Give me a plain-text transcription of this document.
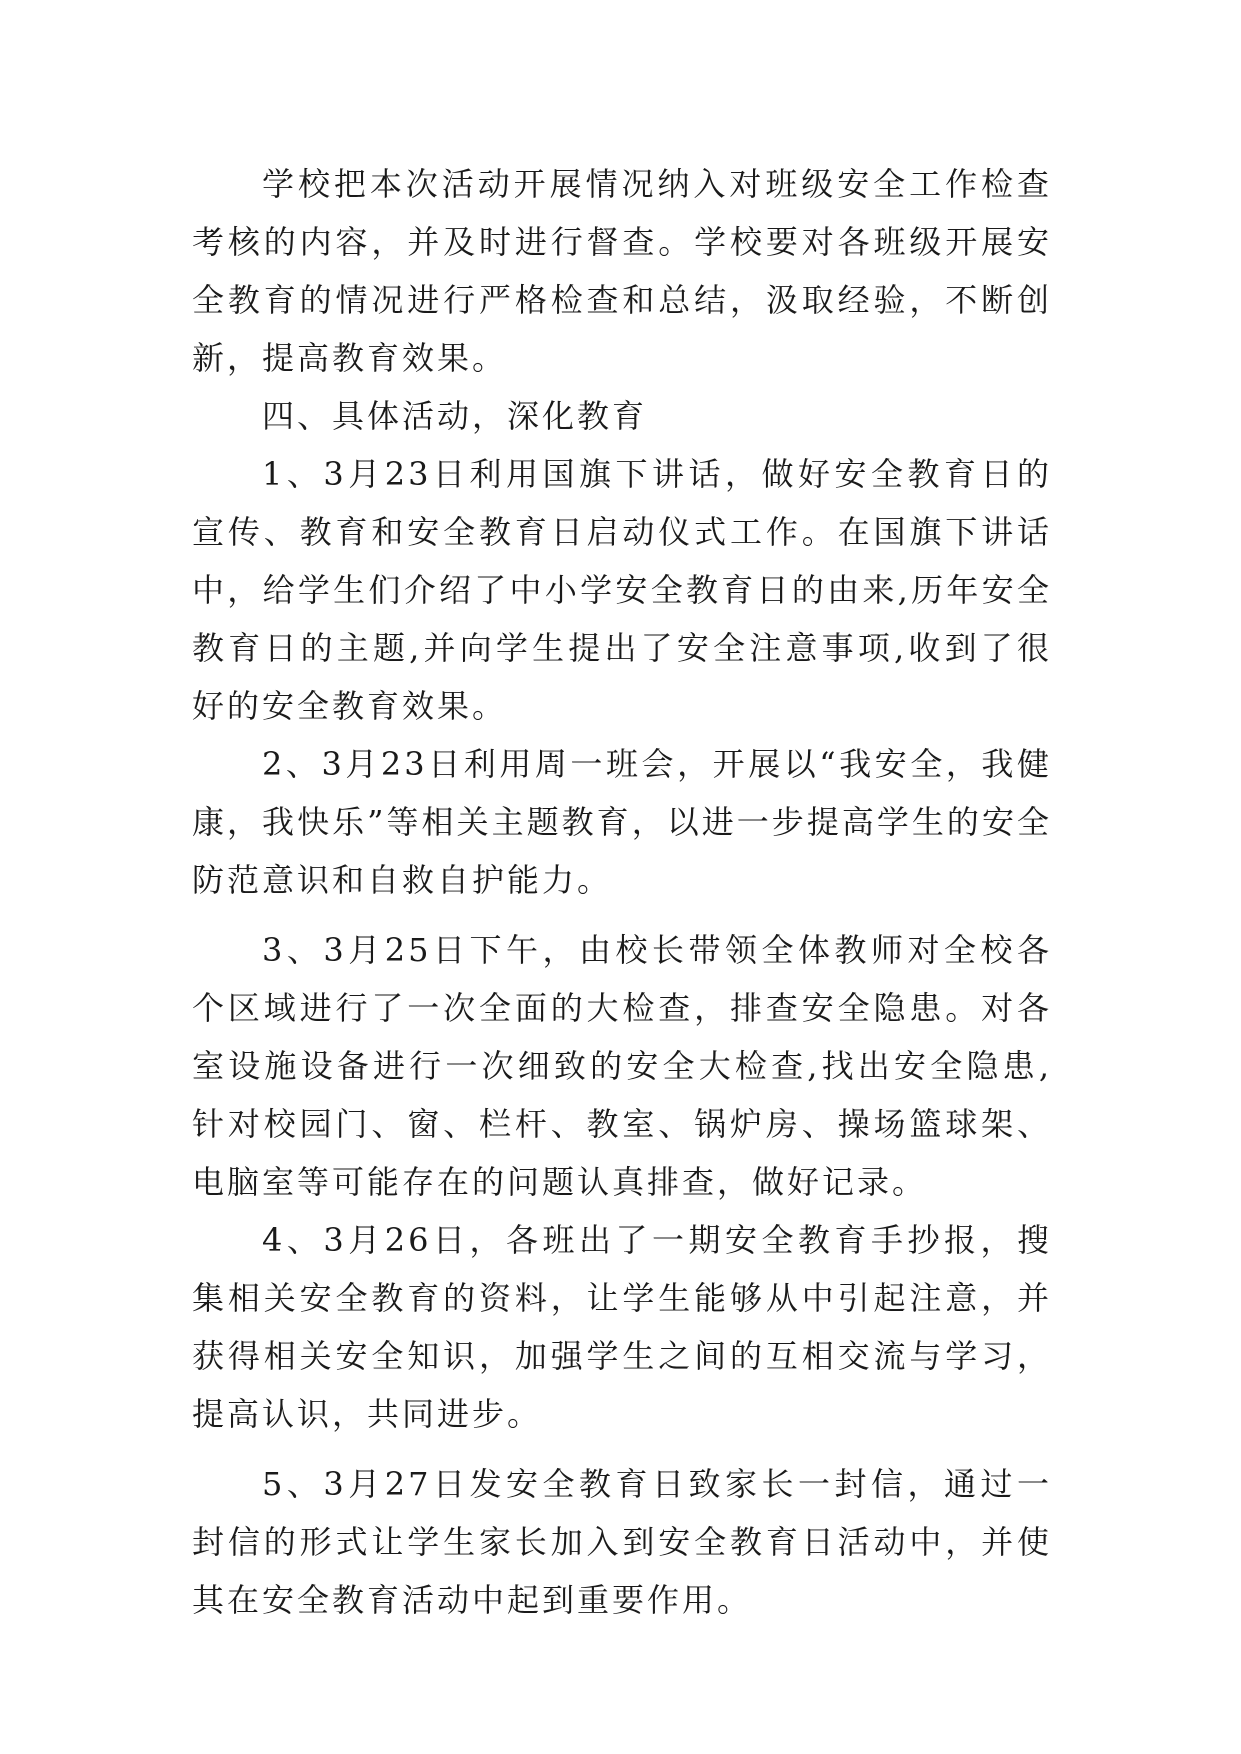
学校把本次活动开展情况纳入对班级安全工作检查考核的内容，并及时进行督查。学校要对各班级开展安全教育的情况进行严格检查和总结，汲取经验，不断创新，提高教育效果。

四、具体活动，深化教育

1、3月23日利用国旗下讲话，做好安全教育日的宣传、教育和安全教育日启动仪式工作。在国旗下讲话中，给学生们介绍了中小学安全教育日的由来,历年安全教育日的主题,并向学生提出了安全注意事项,收到了很好的安全教育效果。

2、3月23日利用周一班会，开展以“我安全，我健康，我快乐”等相关主题教育，以进一步提高学生的安全防范意识和自救自护能力。

3、3月25日下午，由校长带领全体教师对全校各个区域进行了一次全面的大检查，排查安全隐患。对各室设施设备进行一次细致的安全大检查,找出安全隐患,针对校园门、窗、栏杆、教室、锅炉房、操场篮球架、电脑室等可能存在的问题认真排查，做好记录。

4、3月26日，各班出了一期安全教育手抄报，搜集相关安全教育的资料，让学生能够从中引起注意，并获得相关安全知识，加强学生之间的互相交流与学习，提高认识，共同进步。

5、3月27日发安全教育日致家长一封信，通过一封信的形式让学生家长加入到安全教育日活动中，并使其在安全教育活动中起到重要作用。
